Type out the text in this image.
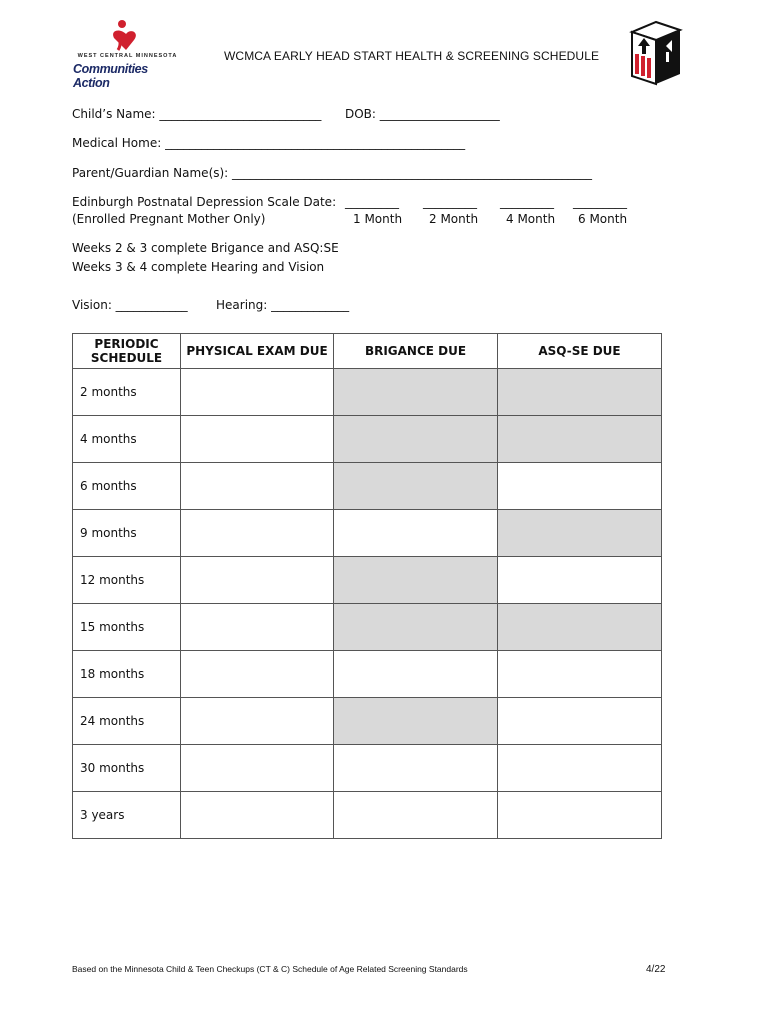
WEST CENTRAL MINNESOTA
Communities Action
WCMCA EARLY HEAD START HEALTH & SCREENING SCHEDULE
Child’s Name: ___________________________ DOB: ____________________
Medical Home: __________________________________________________
Parent/Guardian Name(s): ____________________________________________________________
Edinburgh Postnatal Depression Scale Date:
(Enrolled Pregnant Mother Only)
_________ _________ _________ _________
1 Month 2 Month 4 Month 6 Month
Weeks 2 & 3 complete Brigance and ASQ:SE
Weeks 3 & 4 complete Hearing and Vision
Vision: ____________ Hearing: _____________
PERIODIC
SCHEDULE	PHYSICAL EXAM DUE	BRIGANCE DUE	ASQ-SE DUE
2 months			
4 months			
6 months			
9 months			
12 months			
15 months			
18 months			
24 months			
30 months			
3 years			
Based on the Minnesota Child & Teen Checkups (CT & C) Schedule of Age Related Screening Standards	4/22
